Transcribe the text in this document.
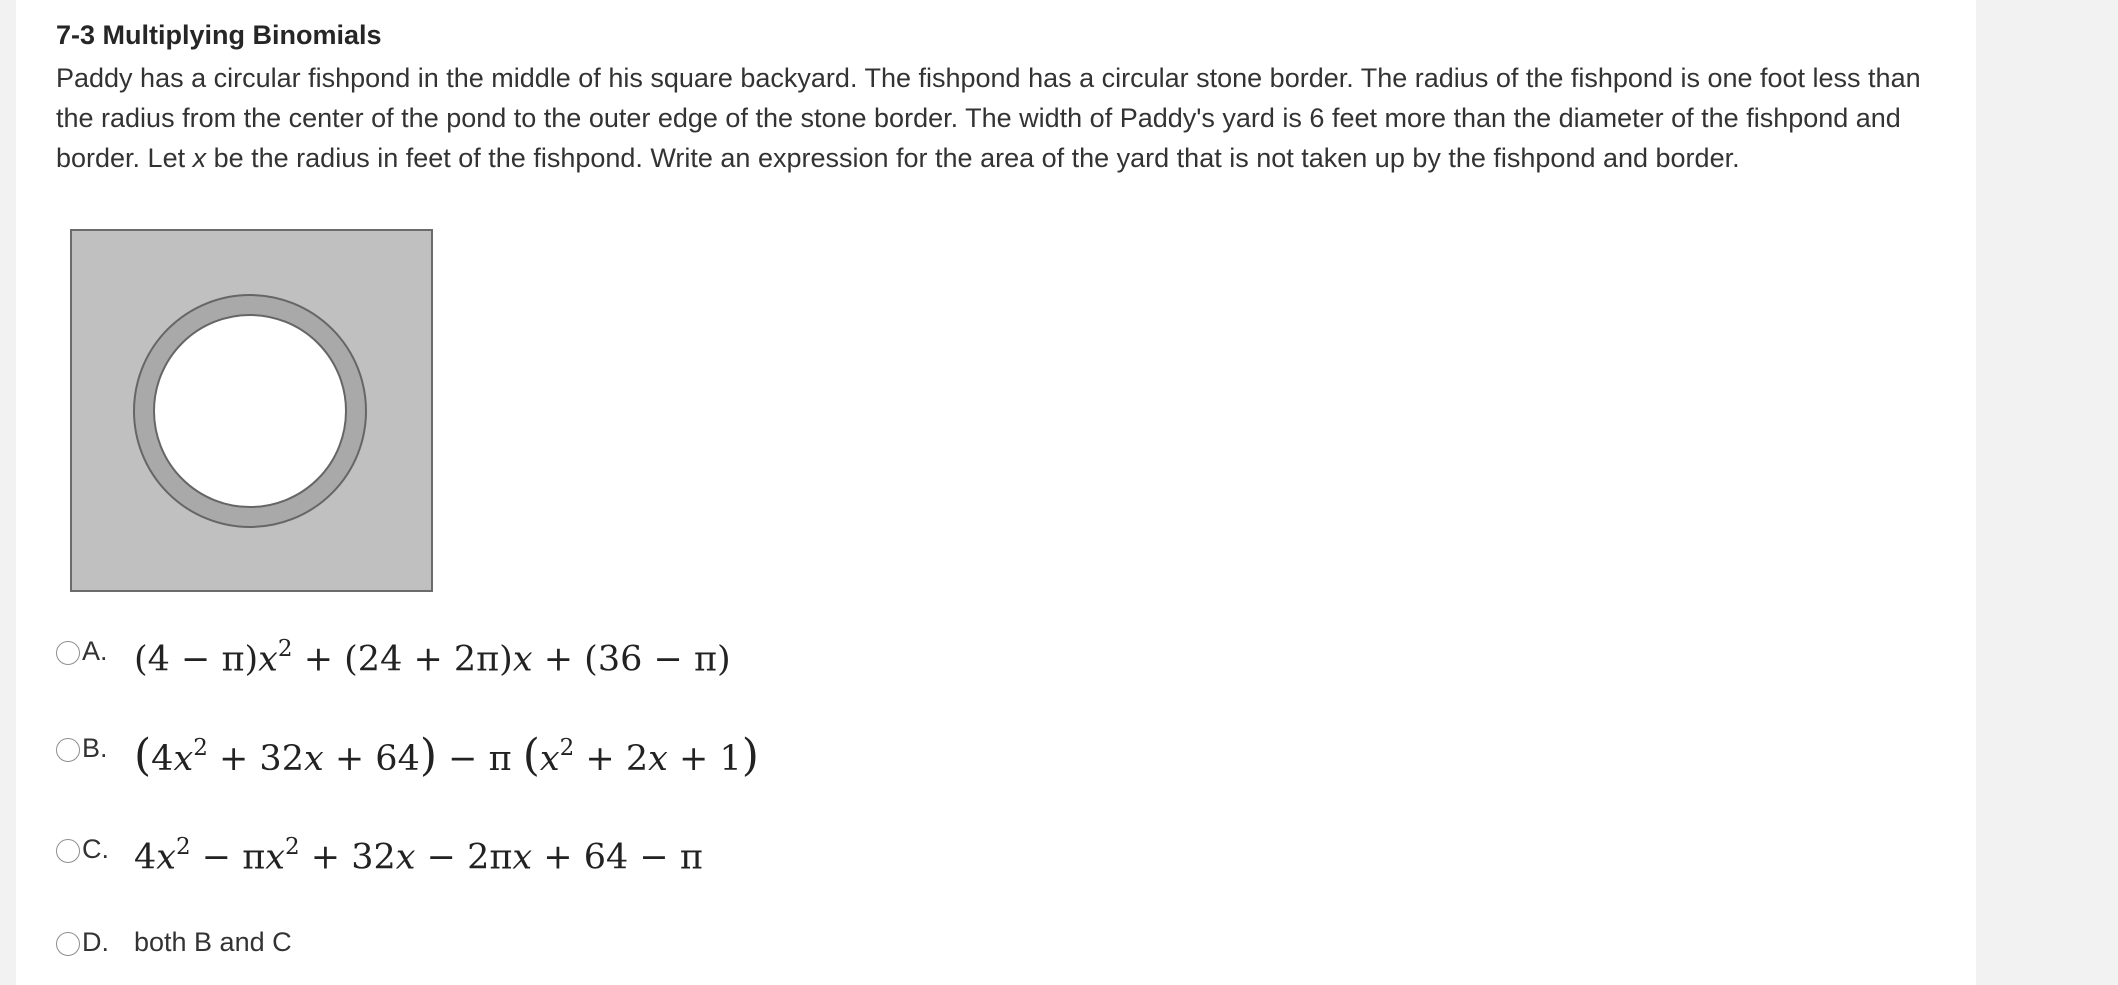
7-3 Multiplying Binomials
Paddy has a circular fishpond in the middle of his square backyard. The fishpond has a circular stone border. The radius of the fishpond is one foot less than the radius from the center of the pond to the outer edge of the stone border. The width of Paddy's yard is 6 feet more than the diameter of the fishpond and border. Let x be the radius in feet of the fishpond. Write an expression for the area of the yard that is not taken up by the fishpond and border.
A. $(4 - \pi)x^2 + (24 + 2\pi)x + (36 - \pi)$
B. $(4x^2 + 32x + 64) - \pi$ $(x^2 + 2x + 1)$
C. $4x^2 - \pi x^2 + 32x - 2\pi x + 64 - \pi$
D. both B and C
